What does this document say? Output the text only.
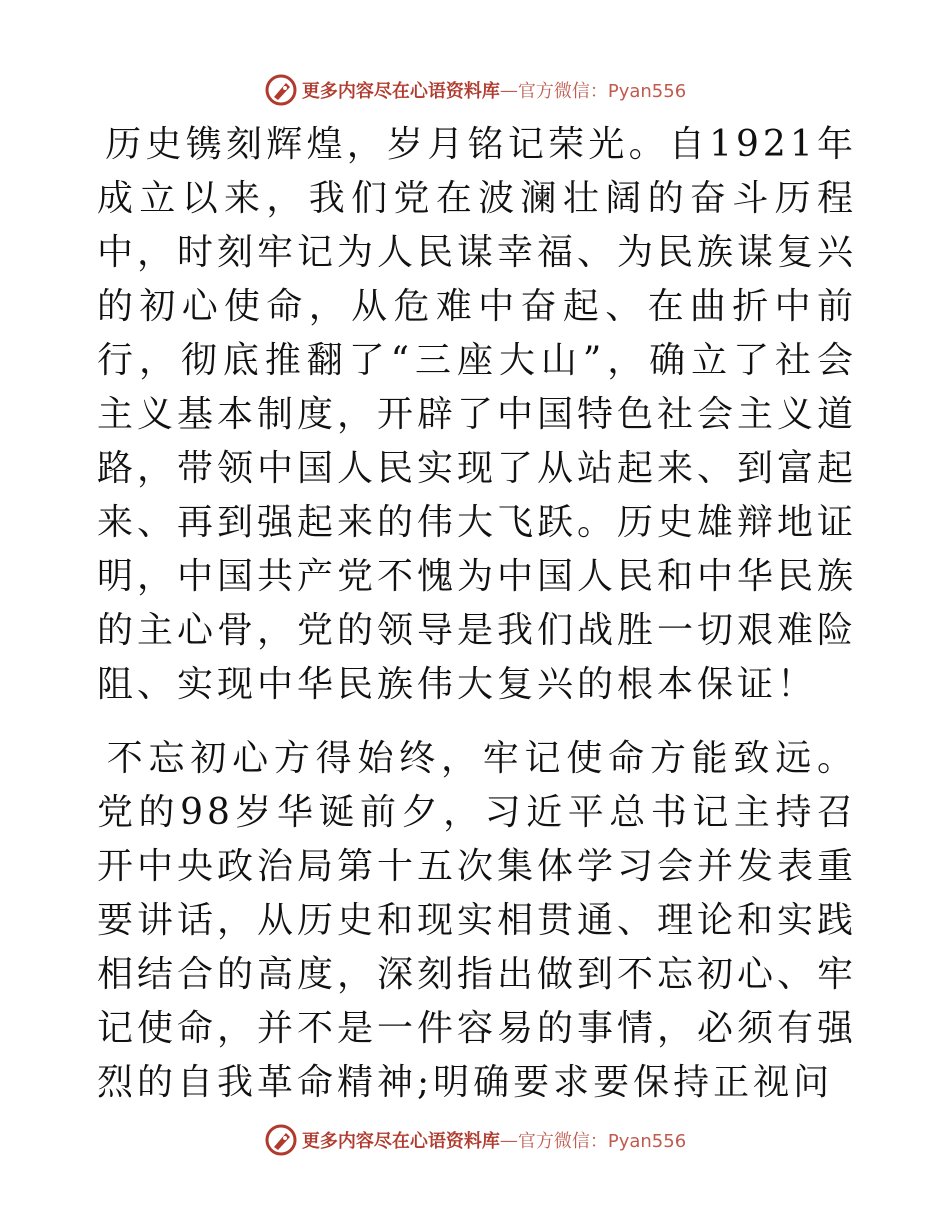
更多内容尽在心语资料库 — 官方微信：Pyan556

历史镌刻辉煌，岁月铭记荣光。自1921年成立以来，我们党在波澜壮阔的奋斗历程中，时刻牢记为人民谋幸福、为民族谋复兴的初心使命，从危难中奋起、在曲折中前行，彻底推翻了“三座大山”，确立了社会主义基本制度，开辟了中国特色社会主义道路，带领中国人民实现了从站起来、到富起来、再到强起来的伟大飞跃。历史雄辩地证明，中国共产党不愧为中国人民和中华民族的主心骨，党的领导是我们战胜一切艰难险阻、实现中华民族伟大复兴的根本保证！

不忘初心方得始终，牢记使命方能致远。党的98岁华诞前夕，习近平总书记主持召开中央政治局第十五次集体学习会并发表重要讲话，从历史和现实相贯通、理论和实践相结合的高度，深刻指出做到不忘初心、牢记使命，并不是一件容易的事情，必须有强烈的自我革命精神;明确要求要保持正视问

更多内容尽在心语资料库 — 官方微信：Pyan556
